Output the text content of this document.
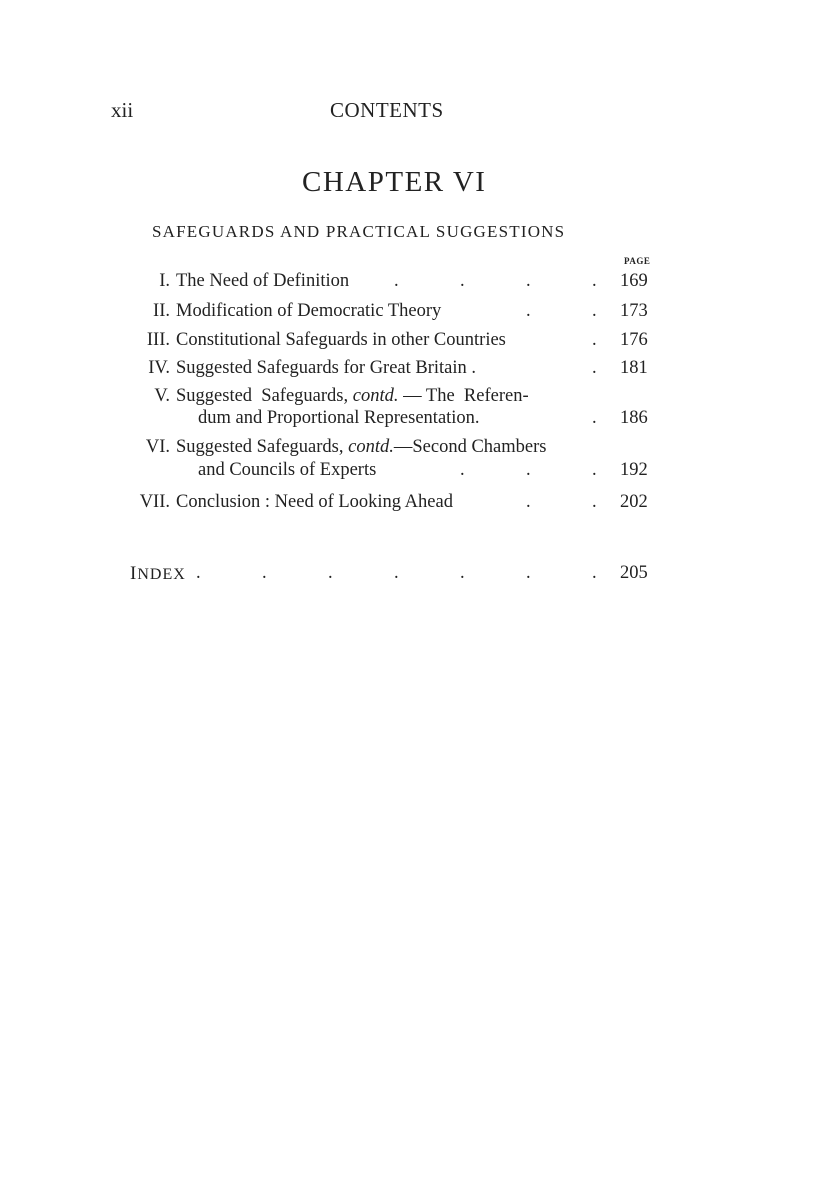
xii	CONTENTS
CHAPTER VI
SAFEGUARDS AND PRACTICAL SUGGESTIONS
PAGE
I. The Need of Definition .	.	.	. 169
II. Modification of Democratic Theory	.	. 173
III. Constitutional Safeguards in other Countries	. 176
IV. Suggested Safeguards for Great Britain .	. 181
V. Suggested  Safeguards, contd. — The  Referen-
dum and Proportional Representation.	. 186
VI. Suggested Safeguards, contd.—Second Chambers
and Councils of Experts	.	.	. 192
VII. Conclusion : Need of Looking Ahead	.	. 202
INDEX .	.	.	.	.	.	. 205
